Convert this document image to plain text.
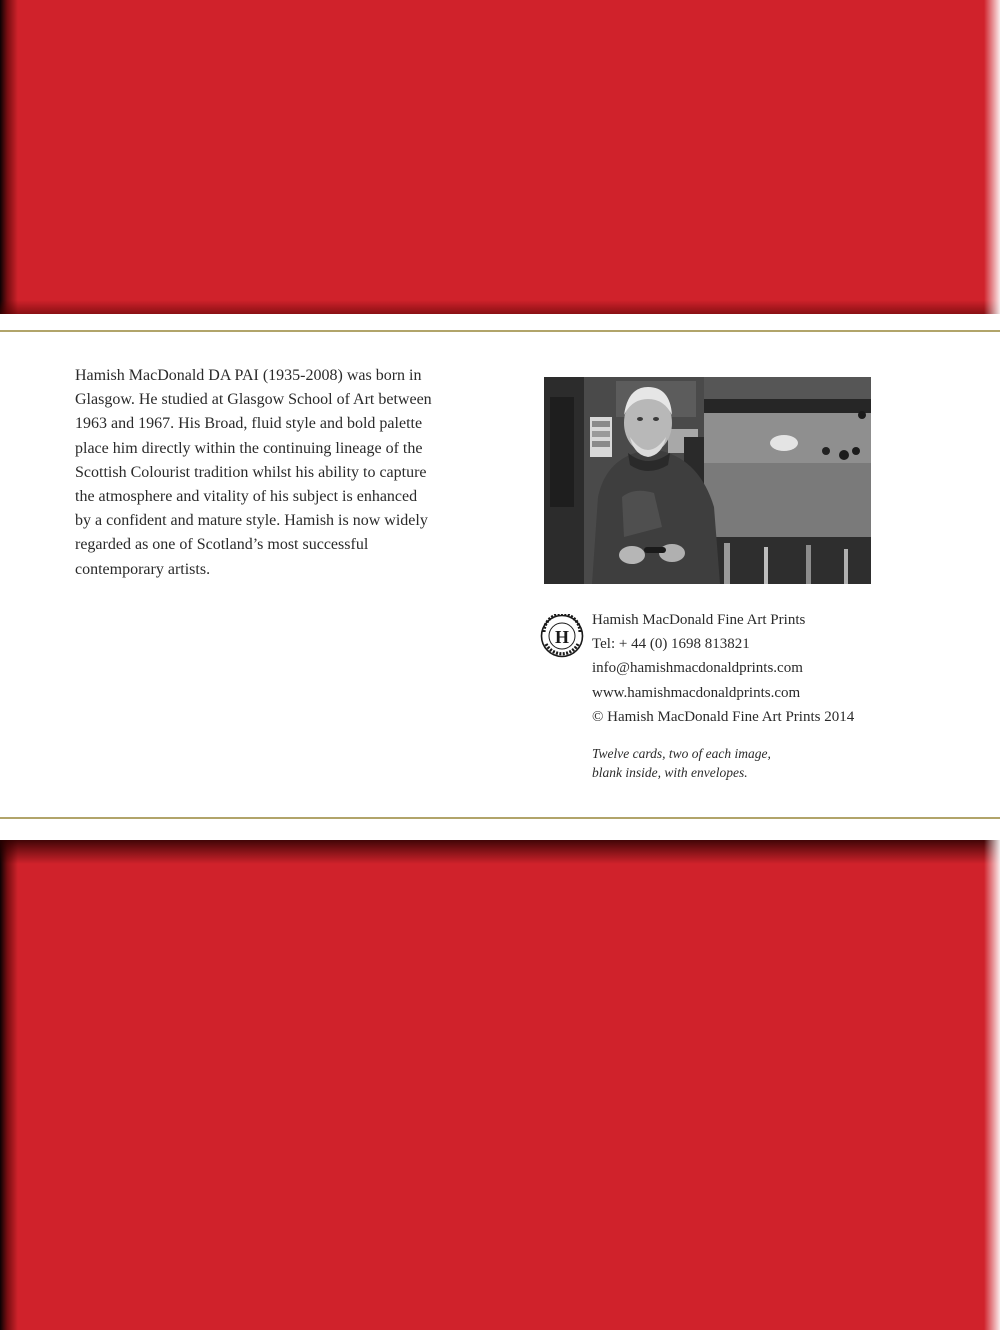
Hamish MacDonald DA PAI (1935-2008) was born in Glasgow. He studied at Glasgow School of Art between 1963 and 1967. His Broad, fluid style and bold palette place him directly within the continuing lineage of the Scottish Colourist tradition whilst his ability to capture the atmosphere and vitality of his subject is enhanced by a confident and mature style. Hamish is now widely regarded as one of Scotland’s most successful contemporary artists.

H
Hamish MacDonald Fine Art Prints
Tel: + 44 (0) 1698 813821
info@hamishmacdonaldprints.com
www.hamishmacdonaldprints.com
© Hamish MacDonald Fine Art Prints 2014
Twelve cards, two of each image,
blank inside, with envelopes.
